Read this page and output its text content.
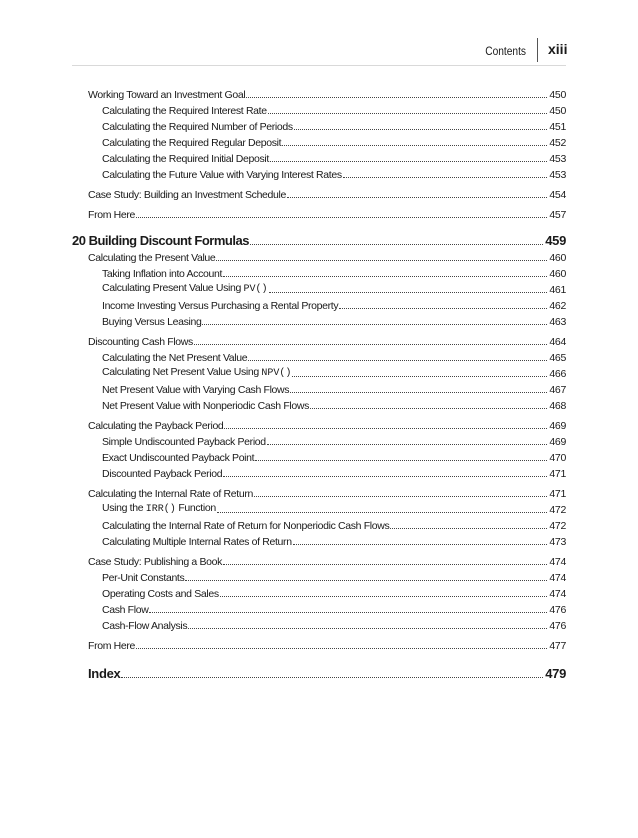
Contents xiii
Working Toward an Investment Goal	450
Calculating the Required Interest Rate	450
Calculating the Required Number of Periods	451
Calculating the Required Regular Deposit	452
Calculating the Required Initial Deposit	453
Calculating the Future Value with Varying Interest Rates	453
Case Study: Building an Investment Schedule	454
From Here	457
20 Building Discount Formulas	459
Calculating the Present Value	460
Taking Inflation into Account	460
Calculating Present Value Using PV()	461
Income Investing Versus Purchasing a Rental Property	462
Buying Versus Leasing	463
Discounting Cash Flows	464
Calculating the Net Present Value	465
Calculating Net Present Value Using NPV()	466
Net Present Value with Varying Cash Flows	467
Net Present Value with Nonperiodic Cash Flows	468
Calculating the Payback Period	469
Simple Undiscounted Payback Period	469
Exact Undiscounted Payback Point	470
Discounted Payback Period	471
Calculating the Internal Rate of Return	471
Using the IRR() Function	472
Calculating the Internal Rate of Return for Nonperiodic Cash Flows	472
Calculating Multiple Internal Rates of Return	473
Case Study: Publishing a Book	474
Per-Unit Constants	474
Operating Costs and Sales	474
Cash Flow	476
Cash-Flow Analysis	476
From Here	477
Index	479
